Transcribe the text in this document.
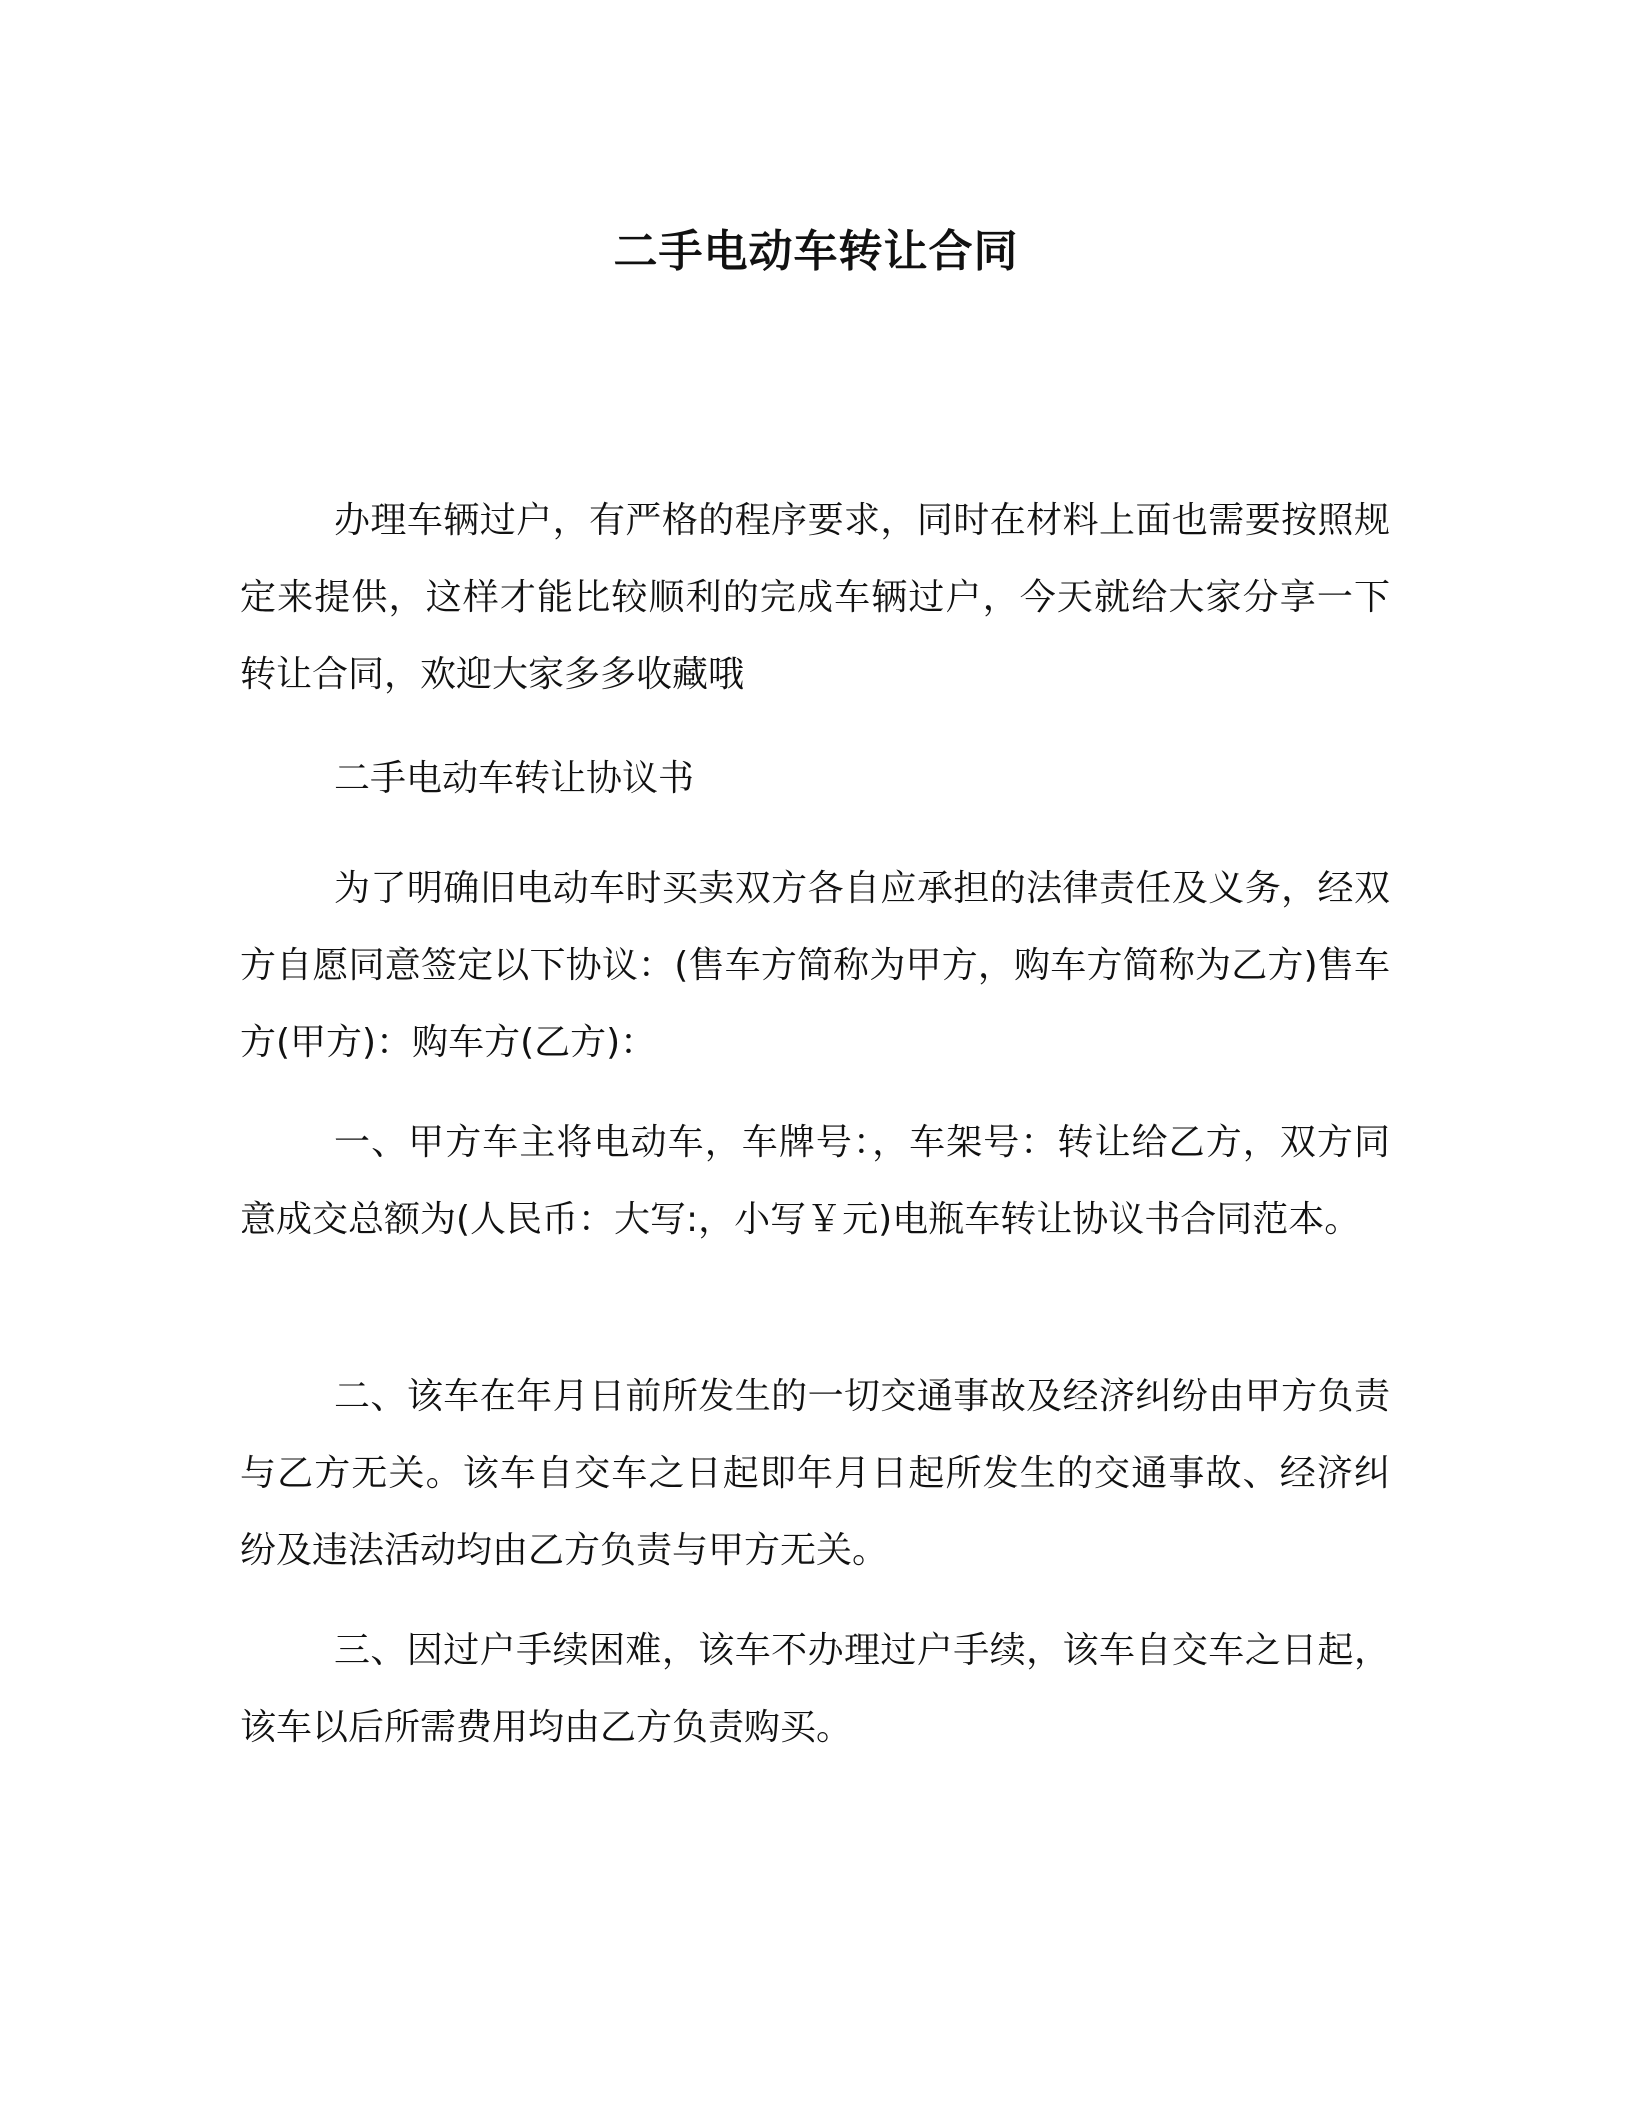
二手电动车转让合同
办理车辆过户，有严格的程序要求，同时在材料上面也需要按照规定来提供，这样才能比较顺利的完成车辆过户，今天就给大家分享一下转让合同，欢迎大家多多收藏哦
二手电动车转让协议书
为了明确旧电动车时买卖双方各自应承担的法律责任及义务，经双方自愿同意签定以下协议：(售车方简称为甲方，购车方简称为乙方)售车方(甲方)：购车方(乙方)：
一、甲方车主将电动车，车牌号：，车架号：转让给乙方，双方同意成交总额为(人民币：大写:，小写￥元)电瓶车转让协议书合同范本。
二、该车在年月日前所发生的一切交通事故及经济纠纷由甲方负责与乙方无关。该车自交车之日起即年月日起所发生的交通事故、经济纠纷及违法活动均由乙方负责与甲方无关。
三、因过户手续困难，该车不办理过户手续，该车自交车之日起，该车以后所需费用均由乙方负责购买。
